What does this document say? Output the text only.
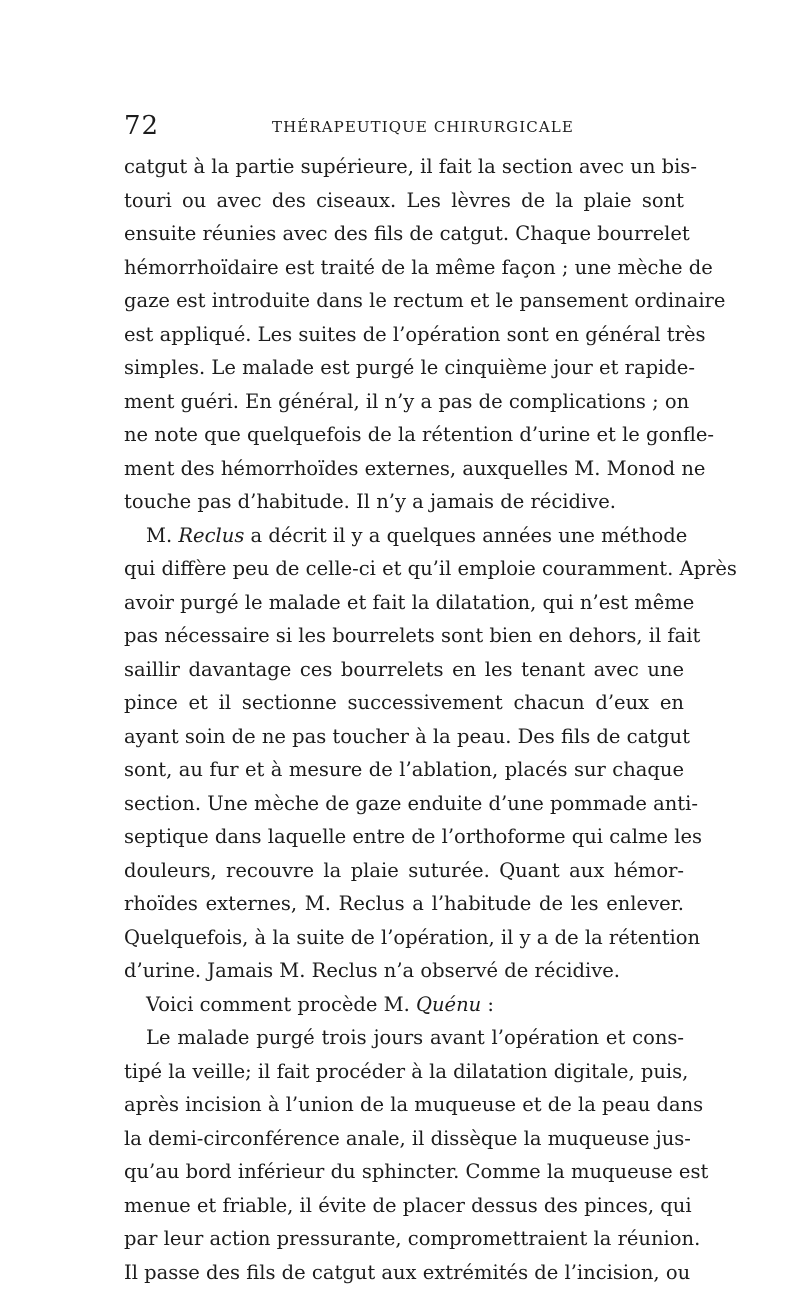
72	THÉRAPEUTIQUE CHIRURGICALE
catgut à la partie supérieure, il fait la section avec un bis-
touri ou avec des ciseaux. Les lèvres de la plaie sont
ensuite réunies avec des fils de catgut. Chaque bourrelet
hémorrhoïdaire est traité de la même façon ; une mèche de
gaze est introduite dans le rectum et le pansement ordinaire
est appliqué. Les suites de l’opération sont en général très
simples. Le malade est purgé le cinquième jour et rapide-
ment guéri. En général, il n’y a pas de complications ; on
ne note que quelquefois de la rétention d’urine et le gonfle-
ment des hémorrhoïdes externes, auxquelles M. Monod ne
touche pas d’habitude. Il n’y a jamais de récidive.
M. Reclus a décrit il y a quelques années une méthode
qui diffère peu de celle-ci et qu’il emploie couramment. Après
avoir purgé le malade et fait la dilatation, qui n’est même
pas nécessaire si les bourrelets sont bien en dehors, il fait
saillir davantage ces bourrelets en les tenant avec une
pince et il sectionne successivement chacun d’eux en
ayant soin de ne pas toucher à la peau. Des fils de catgut
sont, au fur et à mesure de l’ablation, placés sur chaque
section. Une mèche de gaze enduite d’une pommade anti-
septique dans laquelle entre de l’orthoforme qui calme les
douleurs, recouvre la plaie suturée. Quant aux hémor-
rhoïdes externes, M. Reclus a l’habitude de les enlever.
Quelquefois, à la suite de l’opération, il y a de la rétention
d’urine. Jamais M. Reclus n’a observé de récidive.
Voici comment procède M. Quénu :
Le malade purgé trois jours avant l’opération et cons-
tipé la veille; il fait procéder à la dilatation digitale, puis,
après incision à l’union de la muqueuse et de la peau dans
la demi-circonférence anale, il dissèque la muqueuse jus-
qu’au bord inférieur du sphincter. Comme la muqueuse est
menue et friable, il évite de placer dessus des pinces, qui
par leur action pressurante, compromettraient la réunion.
Il passe des fils de catgut aux extrémités de l’incision, ou
